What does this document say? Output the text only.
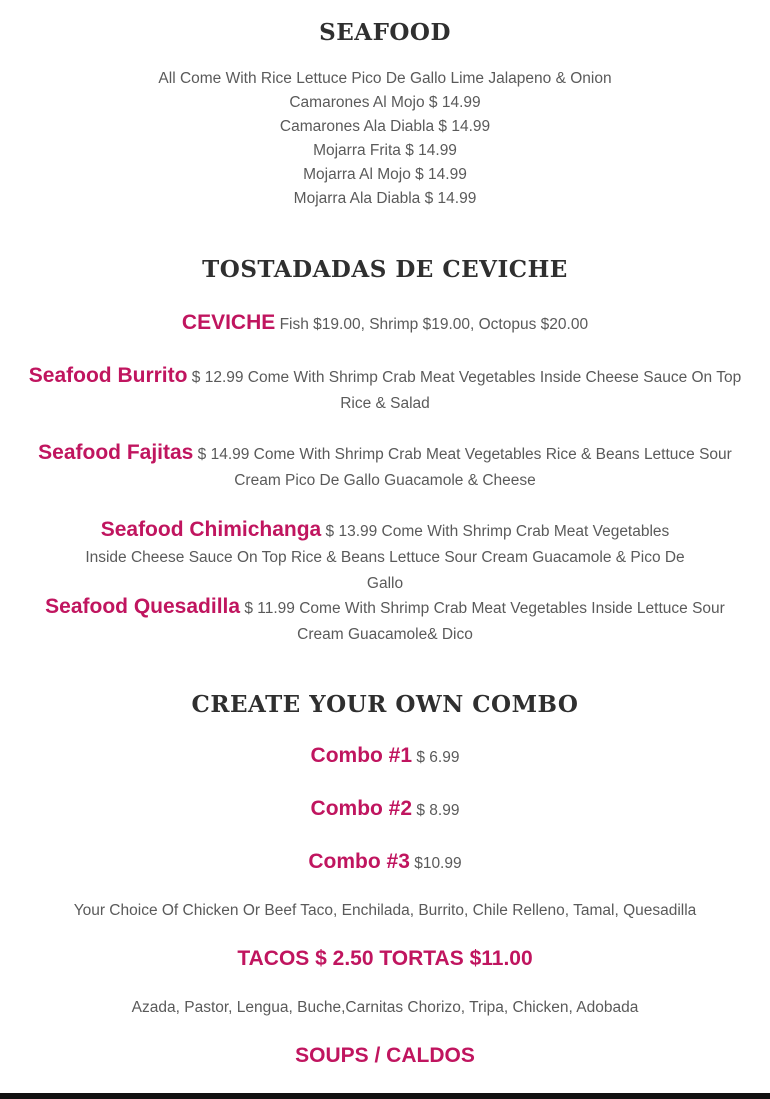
SEAFOOD
All Come With Rice Lettuce Pico De Gallo Lime Jalapeno & Onion
Camarones Al Mojo $ 14.99
Camarones Ala Diabla $ 14.99
Mojarra Frita $ 14.99
Mojarra Al Mojo $ 14.99
Mojarra Ala Diabla $ 14.99
TOSTADADAS DE CEVICHE
CEVICHE Fish $19.00, Shrimp $19.00, Octopus $20.00
Seafood Burrito $ 12.99 Come With Shrimp Crab Meat Vegetables Inside Cheese Sauce On Top Rice & Salad
Seafood Fajitas $ 14.99 Come With Shrimp Crab Meat Vegetables Rice & Beans Lettuce Sour Cream Pico De Gallo Guacamole & Cheese
Seafood Chimichanga $ 13.99 Come With Shrimp Crab Meat Vegetables Inside Cheese Sauce On Top Rice & Beans Lettuce Sour Cream Guacamole & Pico De Gallo
Seafood Quesadilla $ 11.99 Come With Shrimp Crab Meat Vegetables Inside Lettuce Sour Cream Guacamole& Dico
CREATE YOUR OWN COMBO
Combo #1 $ 6.99
Combo #2 $ 8.99
Combo #3 $10.99
Your Choice Of Chicken Or Beef Taco, Enchilada, Burrito, Chile Relleno, Tamal, Quesadilla
TACOS $ 2.50 TORTAS $11.00
Azada, Pastor, Lengua, Buche,Carnitas Chorizo, Tripa, Chicken, Adobada
SOUPS / CALDOS
